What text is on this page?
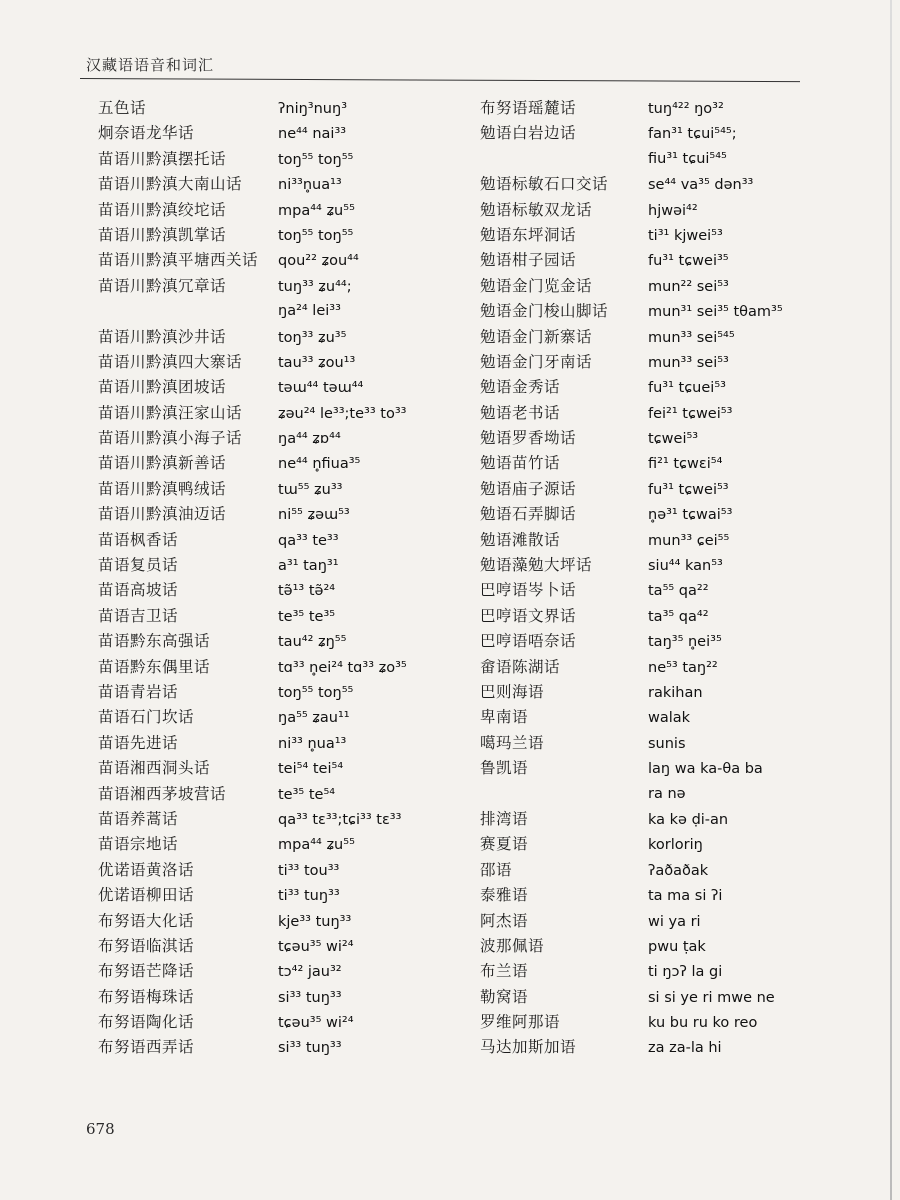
汉藏语语音和词汇
五色话	ʔniŋ³nuŋ³
炯奈语龙华话	ne⁴⁴ nai³³
苗语川黔滇摆托话	toŋ⁵⁵ toŋ⁵⁵
苗语川黔滇大南山话	ni³³n̥ua¹³
苗语川黔滇绞坨话	mpa⁴⁴ ʑu⁵⁵
苗语川黔滇凯掌话	toŋ⁵⁵ toŋ⁵⁵
苗语川黔滇平塘西关话	qou²² ʑou⁴⁴
苗语川黔滇冗章话	tuŋ³³ ʑu⁴⁴;
ŋa²⁴ lei³³
苗语川黔滇沙井话	toŋ³³ ʑu³⁵
苗语川黔滇四大寨话	tau³³ ʑou¹³
苗语川黔滇团坡话	təɯ⁴⁴ təɯ⁴⁴
苗语川黔滇汪家山话	ʑəu²⁴ le³³;te³³ to³³
苗语川黔滇小海子话	ŋa⁴⁴ ʑɒ⁴⁴
苗语川黔滇新善话	ne⁴⁴ n̥fiua³⁵
苗语川黔滇鸭绒话	tɯ⁵⁵ ʑu³³
苗语川黔滇油迈话	ni⁵⁵ ʑəɯ⁵³
苗语枫香话	qa³³ te³³
苗语复员话	a³¹ taŋ³¹
苗语高坡话	tə̃¹³ tə̃²⁴
苗语吉卫话	te³⁵ te³⁵
苗语黔东高强话	tau⁴² ʑŋ⁵⁵
苗语黔东偶里话	tɑ³³ n̥ei²⁴ tɑ³³ ʑo³⁵
苗语青岩话	toŋ⁵⁵ toŋ⁵⁵
苗语石门坎话	ŋa⁵⁵ ʑau¹¹
苗语先进话	ni³³ n̥ua¹³
苗语湘西洞头话	tei⁵⁴ tei⁵⁴
苗语湘西茅坡营话	te³⁵ te⁵⁴
苗语养蒿话	qa³³ tɛ³³;tɕi³³ tɛ³³
苗语宗地话	mpa⁴⁴ ʑu⁵⁵
优诺语黄洛话	ti³³ tou³³
优诺语柳田话	ti³³ tuŋ³³
布努语大化话	kje³³ tuŋ³³
布努语临淇话	tɕəu³⁵ wi²⁴
布努语芒降话	tɔ⁴² jau³²
布努语梅珠话	si³³ tuŋ³³
布努语陶化话	tɕəu³⁵ wi²⁴
布努语西弄话	si³³ tuŋ³³
布努语瑶麓话	tuŋ⁴²² ŋo³²
勉语白岩边话	fan³¹ tɕui⁵⁴⁵;
fiu³¹ tɕui⁵⁴⁵
勉语标敏石口交话	se⁴⁴ va³⁵ dən³³
勉语标敏双龙话	hjwəi⁴²
勉语东坪洞话	ti³¹ kjwei⁵³
勉语柑子园话	fu³¹ tɕwei³⁵
勉语金门览金话	mun²² sei⁵³
勉语金门梭山脚话	mun³¹ sei³⁵ tθam³⁵
勉语金门新寨话	mun³³ sei⁵⁴⁵
勉语金门牙南话	mun³³ sei⁵³
勉语金秀话	fu³¹ tɕuei⁵³
勉语老书话	fei²¹ tɕwei⁵³
勉语罗香坳话	tɕwei⁵³
勉语苗竹话	fi²¹ tɕwɛi⁵⁴
勉语庙子源话	fu³¹ tɕwei⁵³
勉语石弄脚话	n̥ə³¹ tɕwai⁵³
勉语滩散话	mun³³ ɕei⁵⁵
勉语藻勉大坪话	siu⁴⁴ kan⁵³
巴哼语岑卜话	ta⁵⁵ qa²²
巴哼语文界话	ta³⁵ qa⁴²
巴哼语唔奈话	taŋ³⁵ n̥ei³⁵
畲语陈湖话	ne⁵³ taŋ²²
巴则海语	rakihan
卑南语	walak
噶玛兰语	sunis
鲁凯语	laŋ wa ka-θa ba
ra nə
排湾语	ka kə ḍi-an
赛夏语	korloriŋ
邵语	ʔaðaðak
泰雅语	ta ma si ʔi
阿杰语	wi ya ri
波那佩语	pwu ṭak
布兰语	ti ŋɔʔ la gi
勒窝语	si si ye ri mwe ne
罗维阿那语	ku bu ru ko reo
马达加斯加语	za za-la hi
678
